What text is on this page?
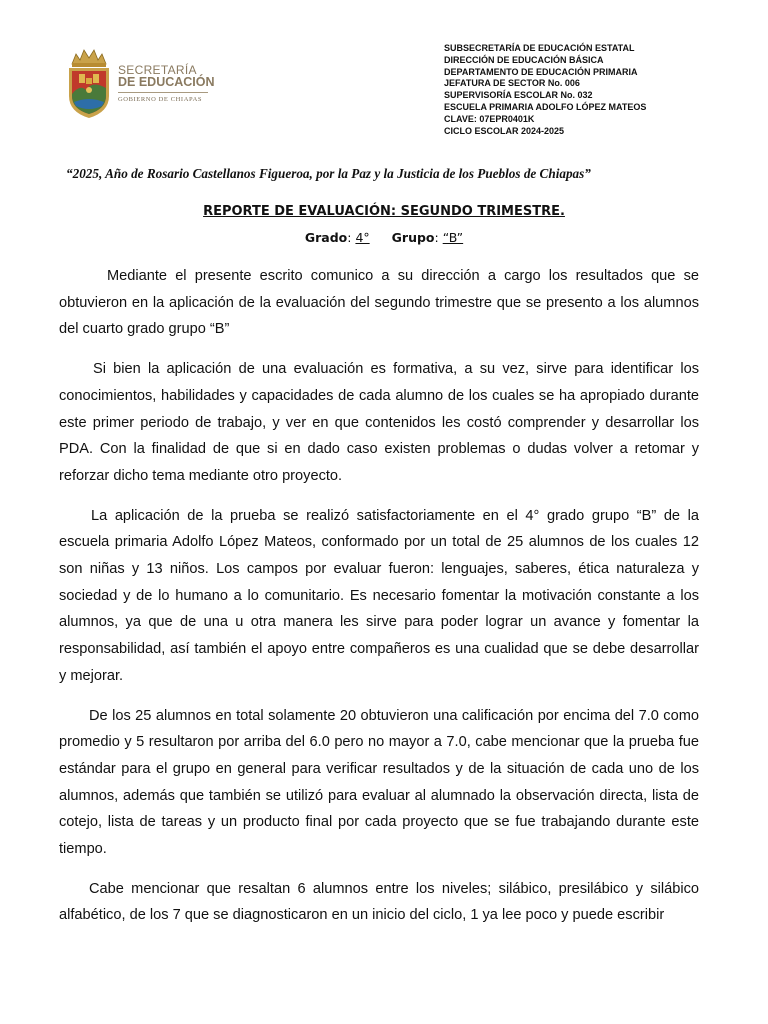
SECRETARÍA
DE EDUCACIÓN
GOBIERNO DE CHIAPAS
SUBSECRETARÍA DE EDUCACIÓN ESTATAL
DIRECCIÓN DE EDUCACIÓN BÁSICA
DEPARTAMENTO DE EDUCACIÓN PRIMARIA
JEFATURA DE SECTOR No. 006
SUPERVISORÍA ESCOLAR No. 032
ESCUELA PRIMARIA ADOLFO LÓPEZ MATEOS
CLAVE: 07EPR0401K
CICLO ESCOLAR 2024-2025
“2025, Año de Rosario Castellanos Figueroa, por la Paz y la Justicia de los Pueblos de Chiapas”
REPORTE DE EVALUACIÓN: SEGUNDO TRIMESTRE.
Grado: 4° Grupo: “B”

Mediante el presente escrito comunico a su dirección a cargo los resultados que se obtuvieron en la aplicación de la evaluación del segundo trimestre que se presento a los alumnos del cuarto grado grupo “B”

Si bien la aplicación de una evaluación es formativa, a su vez, sirve para identificar los conocimientos, habilidades y capacidades de cada alumno de los cuales se ha apropiado durante este primer periodo de trabajo, y ver en que contenidos les costó comprender y desarrollar los PDA. Con la finalidad de que si en dado caso existen problemas o dudas volver a retomar y reforzar dicho tema mediante otro proyecto.

La aplicación de la prueba se realizó satisfactoriamente en el 4° grado grupo “B” de la escuela primaria Adolfo López Mateos, conformado por un total de 25 alumnos de los cuales 12 son niñas y 13 niños. Los campos por evaluar fueron: lenguajes, saberes, ética naturaleza y sociedad y de lo humano a lo comunitario. Es necesario fomentar la motivación constante a los alumnos, ya que de una u otra manera les sirve para poder lograr un avance y fomentar la responsabilidad, así también el apoyo entre compañeros es una cualidad que se debe desarrollar y mejorar.

De los 25 alumnos en total solamente 20 obtuvieron una calificación por encima del 7.0 como promedio y 5 resultaron por arriba del 6.0 pero no mayor a 7.0, cabe mencionar que la prueba fue estándar para el grupo en general para verificar resultados y de la situación de cada uno de los alumnos, además que también se utilizó para evaluar al alumnado la observación directa, lista de cotejo, lista de tareas y un producto final por cada proyecto que se fue trabajando durante este tiempo.

Cabe mencionar que resaltan 6 alumnos entre los niveles; silábico, presilábico y silábico alfabético, de los 7 que se diagnosticaron en un inicio del ciclo, 1 ya lee poco y puede escribir
